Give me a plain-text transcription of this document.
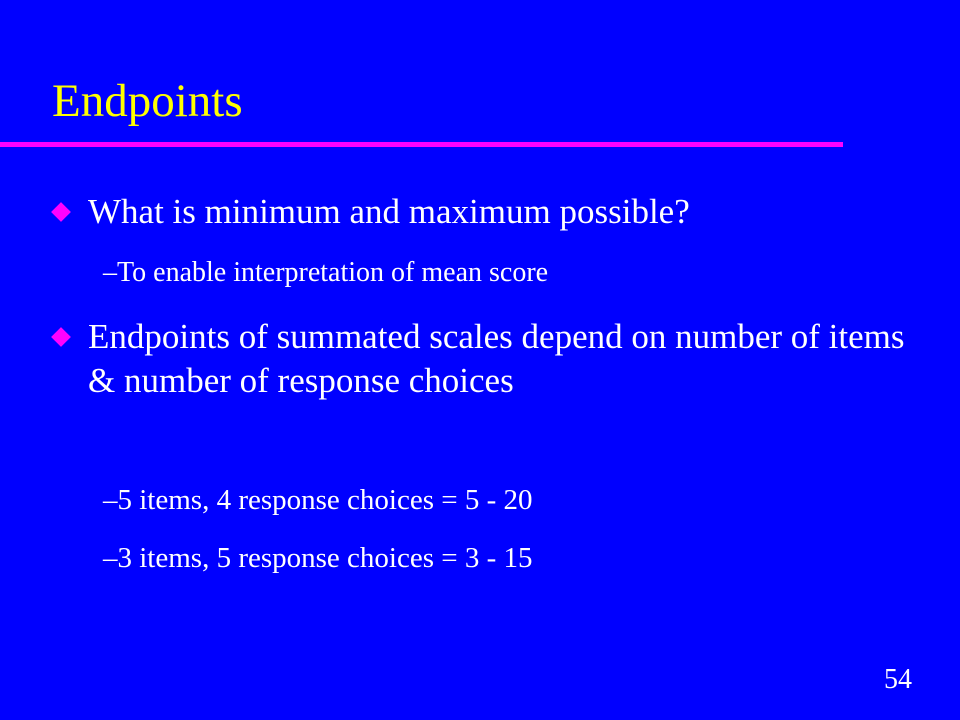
Endpoints
What is minimum and maximum possible?
–To enable interpretation of mean score
Endpoints of summated scales depend on number of items & number of response choices
–5 items, 4 response choices = 5 - 20
–3 items, 5 response choices = 3 - 15
54
